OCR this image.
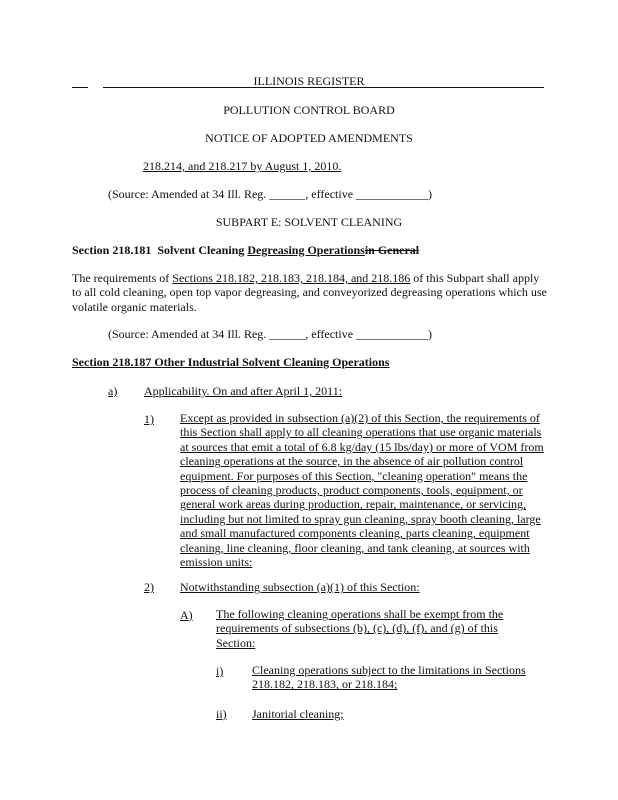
ILLINOIS REGISTER
POLLUTION CONTROL BOARD
NOTICE OF ADOPTED AMENDMENTS
218.214, and 218.217 by August 1, 2010.
(Source: Amended at 34 Ill. Reg. ______, effective ____________)
SUBPART E: SOLVENT CLEANING
Section 218.181 Solvent Cleaning Degreasing Operationsin General
The requirements of Sections 218.182, 218.183, 218.184, and 218.186 of this Subpart shall apply to all cold cleaning, open top vapor degreasing, and conveyorized degreasing operations which use volatile organic materials.
(Source: Amended at 34 Ill. Reg. ______, effective ____________)
Section 218.187 Other Industrial Solvent Cleaning Operations
a) Applicability. On and after April 1, 2011:
1) Except as provided in subsection (a)(2) of this Section, the requirements of this Section shall apply to all cleaning operations that use organic materials at sources that emit a total of 6.8 kg/day (15 lbs/day) or more of VOM from cleaning operations at the source, in the absence of air pollution control equipment. For purposes of this Section, "cleaning operation" means the process of cleaning products, product components, tools, equipment, or general work areas during production, repair, maintenance, or servicing, including but not limited to spray gun cleaning, spray booth cleaning, large and small manufactured components cleaning, parts cleaning, equipment cleaning, line cleaning, floor cleaning, and tank cleaning, at sources with emission units:
2) Notwithstanding subsection (a)(1) of this Section:
A) The following cleaning operations shall be exempt from the requirements of subsections (b), (c), (d), (f), and (g) of this Section:
i) Cleaning operations subject to the limitations in Sections 218.182, 218.183, or 218.184;
ii) Janitorial cleaning;
